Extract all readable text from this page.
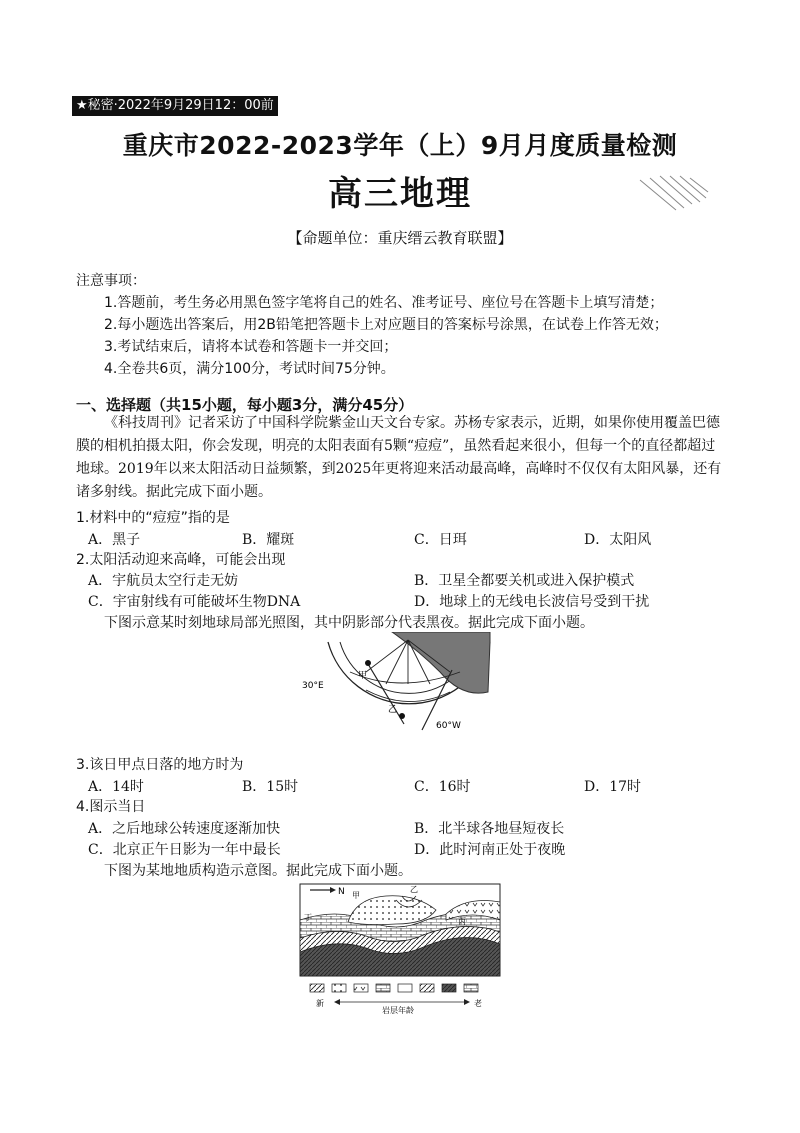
★秘密·2022年9月29日12：00前
重庆市2022-2023学年（上）9月月度质量检测
高三地理
【命题单位：重庆缙云教育联盟】
注意事项：
1.答题前，考生务必用黑色签字笔将自己的姓名、准考证号、座位号在答题卡上填写清楚；
2.每小题选出答案后，用2B铅笔把答题卡上对应题目的答案标号涂黑，在试卷上作答无效；
3.考试结束后，请将本试卷和答题卡一并交回；
4.全卷共6页，满分100分，考试时间75分钟。
一、选择题（共15小题，每小题3分，满分45分）
《科技周刊》记者采访了中国科学院紫金山天文台专家。苏杨专家表示，近期，如果你使用覆盖巴德膜的相机拍摄太阳，你会发现，明亮的太阳表面有5颗“痘痘”，虽然看起来很小，但每一个的直径都超过地球。2019年以来太阳活动日益频繁，到2025年更将迎来活动最高峰，高峰时不仅仅有太阳风暴，还有诸多射线。据此完成下面小题。
1.材料中的“痘痘”指的是
A．黑子	B．耀斑	C．日珥	D．太阳风
2.太阳活动迎来高峰，可能会出现
A．宇航员太空行走无妨	B．卫星全都要关机或进入保护模式
C．宇宙射线有可能破坏生物DNA	D．地球上的无线电长波信号受到干扰
下图示意某时刻地球局部光照图，其中阴影部分代表黑夜。据此完成下面小题。
甲
乙
30°E
60°W
3.该日甲点日落的地方时为
A．14时	B．15时	C．16时	D．17时
4.图示当日
A．之后地球公转速度逐渐加快	B．北半球各地昼短夜长
C．北京正午日影为一年中最长	D．此时河南正处于夜晚
下图为某地地质构造示意图。据此完成下面小题。
N 甲
乙
丁	丙
新
岩层年龄
老
